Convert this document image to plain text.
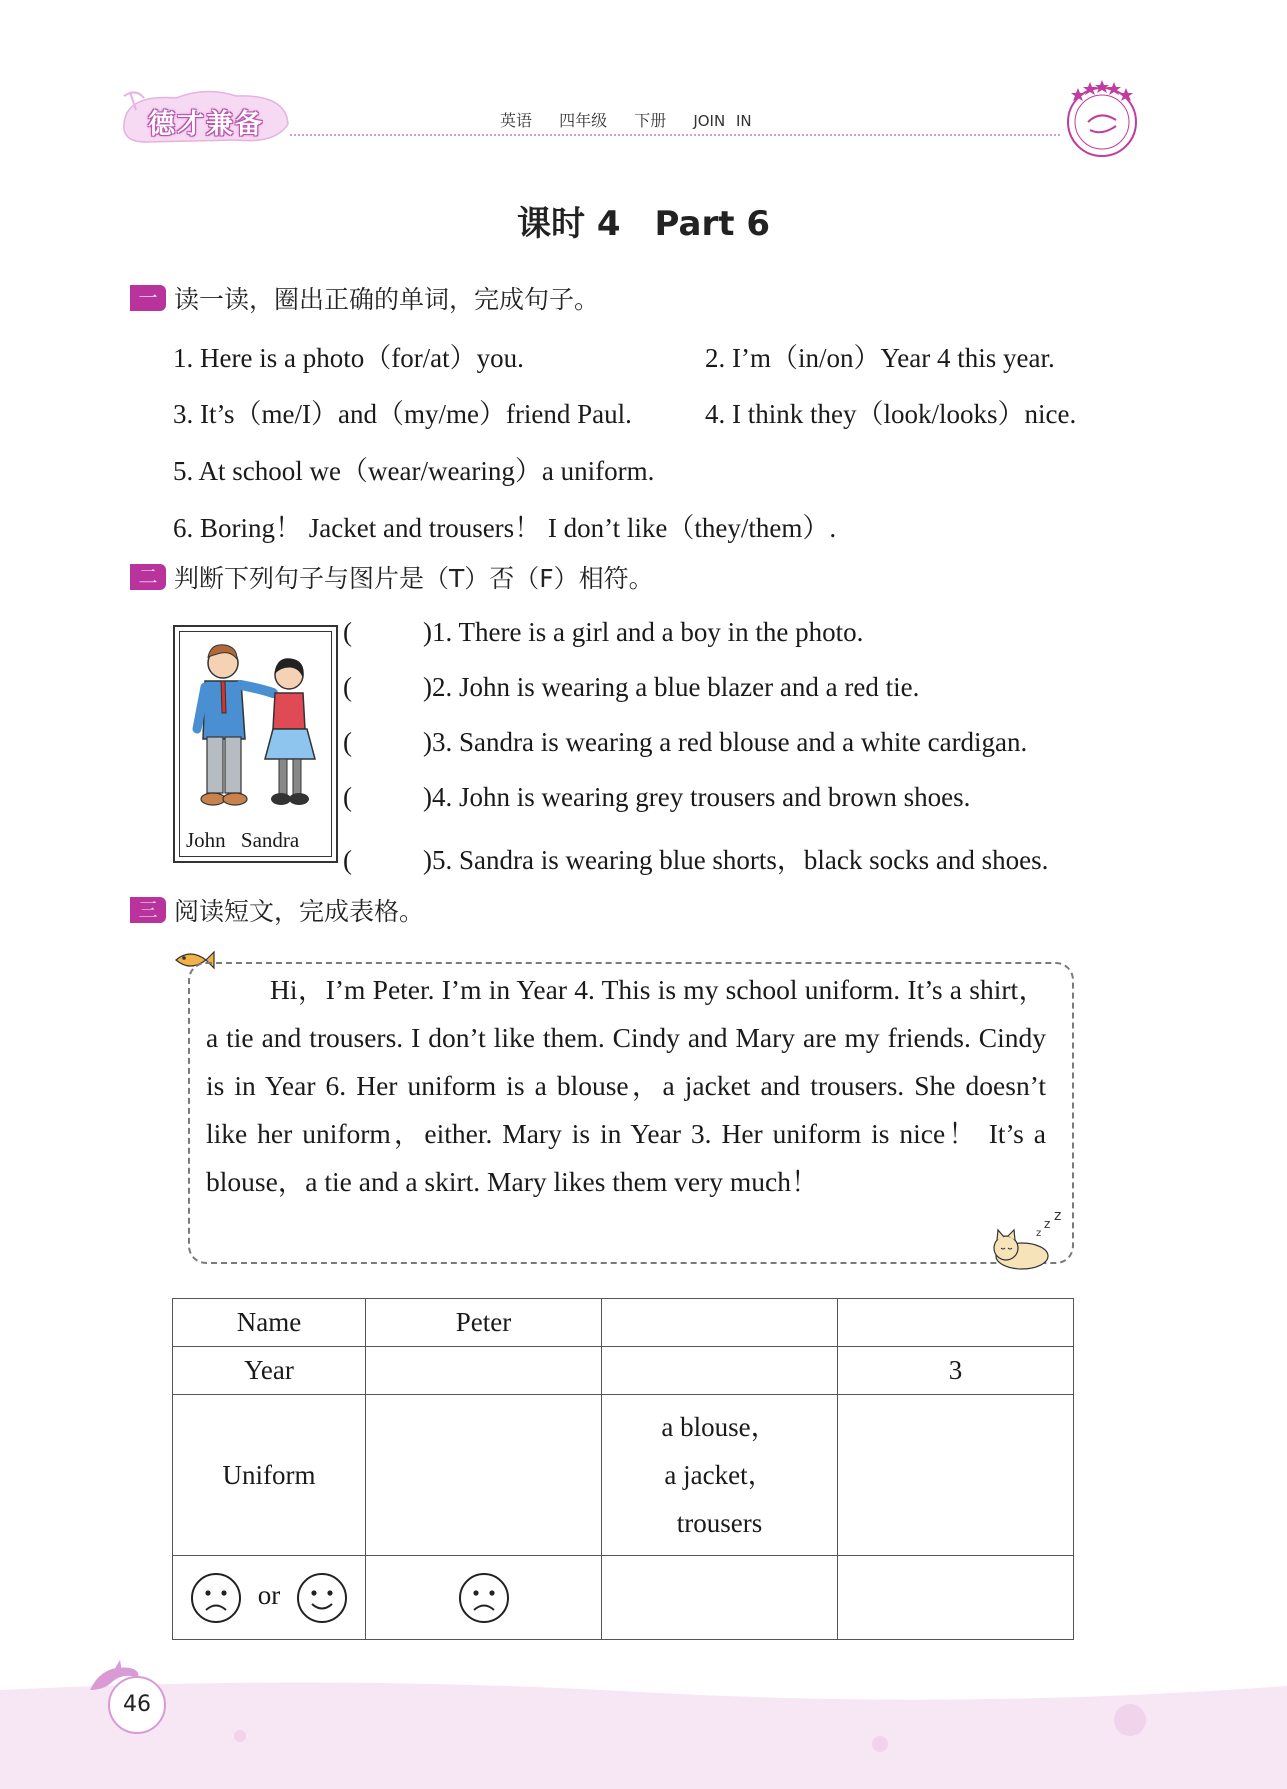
德才兼备	英语 四年级 下册 JOIN IN
课时 4　Part 6
一 读一读，圈出正确的单词，完成句子。
1. Here is a photo（for/at）you.	2. I’m（in/on）Year 4 this year.
3. It’s（me/I）and（my/me）friend Paul.	4. I think they（look/looks）nice.
5. At school we（wear/wearing）a uniform.
6. Boring！ Jacket and trousers！ I don’t like（they/them）.
二 判断下列句子与图片是（T）否（F）相符。
John Sandra
(	)1. There is a girl and a boy in the photo.
(	)2. John is wearing a blue blazer and a red tie.
(	)3. Sandra is wearing a red blouse and a white cardigan.
(	)4. John is wearing grey trousers and brown shoes.
(	)5. Sandra is wearing blue shorts，black socks and shoes.
三 阅读短文，完成表格。

Hi，I’m Peter. I’m in Year 4. This is my school uniform. It’s a shirt，a tie and trousers. I don’t like them. Cindy and Mary are my friends. Cindy is in Year 6. Her uniform is a blouse，a jacket and trousers. She doesn’t like her uniform，either. Mary is in Year 3. Her uniform is nice！ It’s a blouse，a tie and a skirt. Mary likes them very much！

z
z z
Name	Peter		
Year			3
Uniform		a blouse，
a jacket，
trousers	

or			
46
